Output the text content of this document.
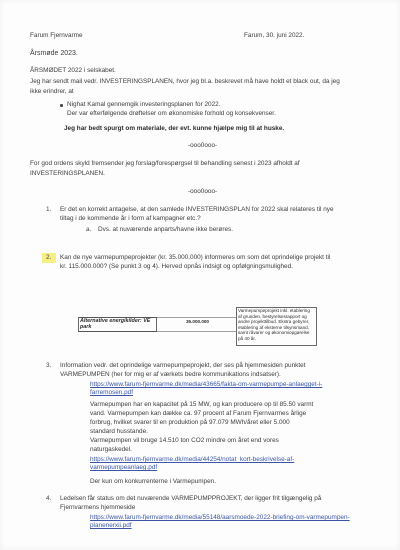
Farum Fjernvarme	Farum, 30. juni 2022.
Årsmøde 2023.
ÅRSMØDET 2022 i selskabet.
Jeg har sendt mail vedr. INVESTERINGSPLANEN, hvor jeg bl.a. beskrevet må have holdt et black out, da jeg
ikke erindrer, at
Nighat Kamal gennemgik investeringsplanen for 2022.
Der var efterfølgende drøftelser om økonomiske forhold og konsekvenser.
Jeg har bedt spurgt om materiale, der evt. kunne hjælpe mig til at huske.
-ooo0ooo-
For god ordens skyld fremsender jeg forslag/forespørgsel til behandling senest i 2023 afholdt af
INVESTERINGSPLANEN.
-ooo0ooo-
1. Er det en korrekt antagelse, at den samlede INVESTERINGSPLAN for 2022 skal relateres til nye
tiltag i de kommende år i form af kampagner etc.?
a. Dvs. at nuværende anparts/havne ikke berøres.
2. Kan de nye varmepumpeprojekter (kr. 35.000.000) informeres om som det oprindelige projekt til
kr. 115.000.000? (Se punkt 3 og 4). Herved opnås indsigt og opfølgningsmulighed.
Alternative energikilder: VE park
35.000.000
Varmepumpeprojekt inkl. etablering af grunden, bestyrelsesrapport og andre projekttilbud. Ekstra gebyrer, etablering af eksterne tilsynsmand, samt råvarer og økonomiopgørelse på 40 år.
3. Information vedr. det oprindelige varmepumpeprojekt, der ses på hjemmesiden punktet
VARMEPUMPEN (her for mig er af værkets bedre kommunikations indsatser).
https://www.farum-fjernvarme.dk/media/43665/fakta-om-varmepumpe-anlaegget-i-farremosen.pdf
Varmepumpen har en kapacitet på 15 MW, og kan producere op til 85.50 varmt
vand. Varmepumpen kan dække ca. 97 procent af Farum Fjernvarmes årlige
forbrug, hvilket svarer til en produktion på 97.079 MWh/året eller 5.000
standard husstande.
Varmepumpen vil bruge 14.510 ton CO2 mindre om året end vores
naturgaskedel.
https://www.farum-fjernvarme.dk/media/44254/notat_kort-beskrivelse-af-varmepumpeanlaeg.pdf
Der kun om konkurrenterne i Varmepumpen.
4. Ledelsen får status om det nuværende VARMEPUMPPROJEKT, der ligger frit tilgængelig på
Fjernvarmens hjemmeside
https://www.farum-fjernvarme.dk/media/55148/aarsmoede-2022-briefing-om-varmepumpen-planenerxii.pdf
